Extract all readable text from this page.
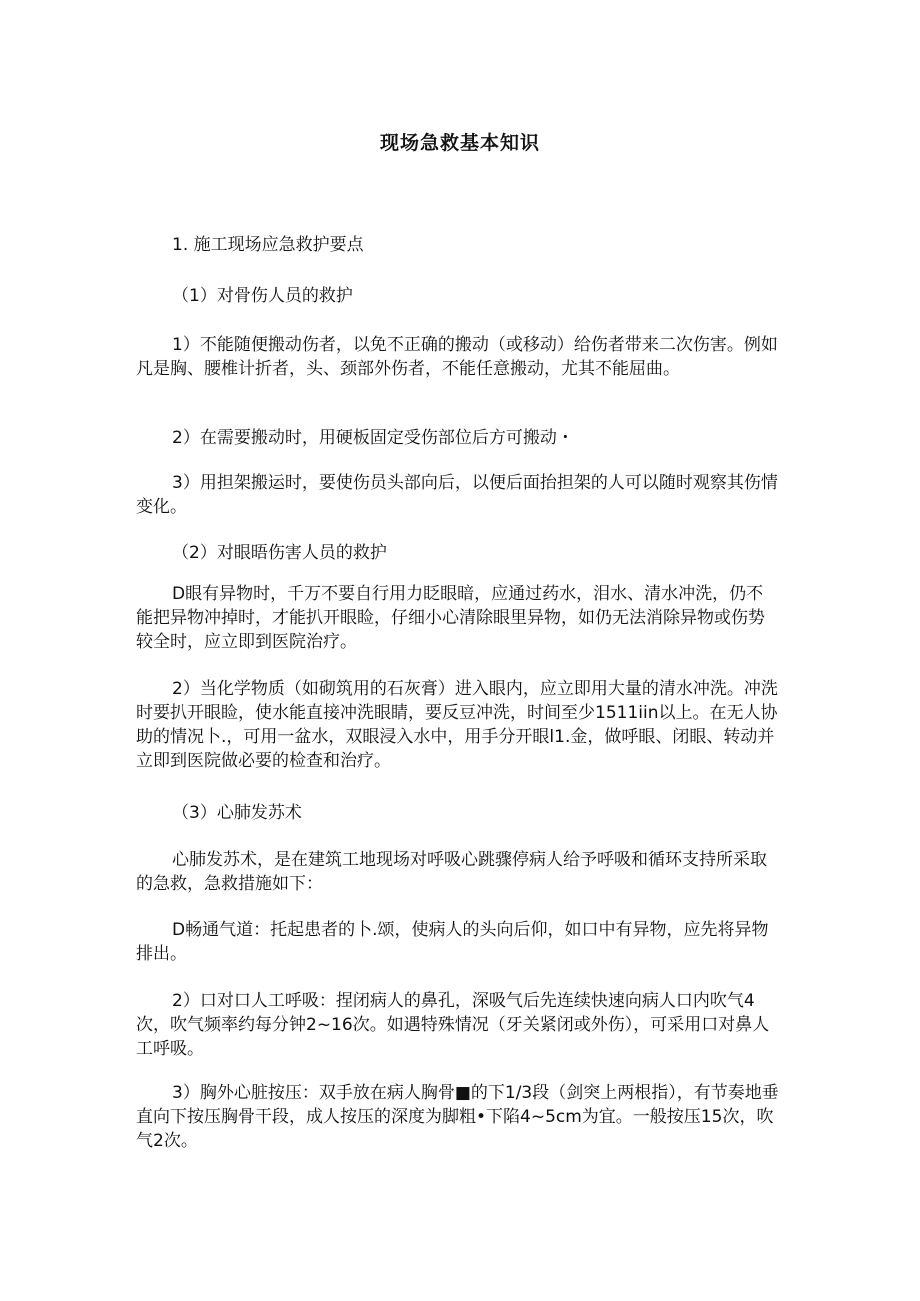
现场急救基本知识
1. 施工现场应急救护要点
（1）对骨伤人员的救护
1）不能随便搬动伤者，以免不正确的搬动（或移动）给伤者带来二次伤害。例如凡是胸、腰椎计折者，头、颈部外伤者，不能任意搬动，尤其不能屈曲。
2）在需要搬动时，用硬板固定受伤部位后方可搬动・
3）用担架搬运时，要使伤员头部向后，以便后面抬担架的人可以随时观察其伤情变化。
（2）对眼晤伤害人员的救护
D眼有异物时，千万不要自行用力眨眼暗，应通过药水，泪水、清水冲洗，仍不能把异物冲掉时，才能扒开眼睑，仔细小心清除眼里异物，如仍无法消除异物或伤势较全时，应立即到医院治疗。
2）当化学物质（如砌筑用的石灰膏）进入眼内，应立即用大量的清水冲洗。冲洗时要扒开眼睑，使水能直接冲洗眼睛，要反豆冲洗，时间至少1511iin以上。在无人协助的情况卜.，可用一盆水，双眼浸入水中，用手分开眼l1.金，做呼眼、闭眼、转动并立即到医院做必要的检查和治疗。
（3）心肺发苏术
心肺发苏术，是在建筑工地现场对呼吸心跳骤停病人给予呼吸和循环支持所采取的急救，急救措施如下：
D畅通气道：托起患者的卜.颂，使病人的头向后仰，如口中有异物，应先将异物排出。
2）口对口人工呼吸：捏闭病人的鼻孔，深吸气后先连续快速向病人口内吹气4次，吹气频率约每分钟2~16次。如遇特殊情况（牙关紧闭或外伤），可采用口对鼻人工呼吸。
3）胸外心脏按压：双手放在病人胸骨■的下1/3段（剑突上两根指），有节奏地垂直向下按压胸骨干段，成人按压的深度为脚粗•下陷4~5cm为宜。一般按压15次，吹气2次。
